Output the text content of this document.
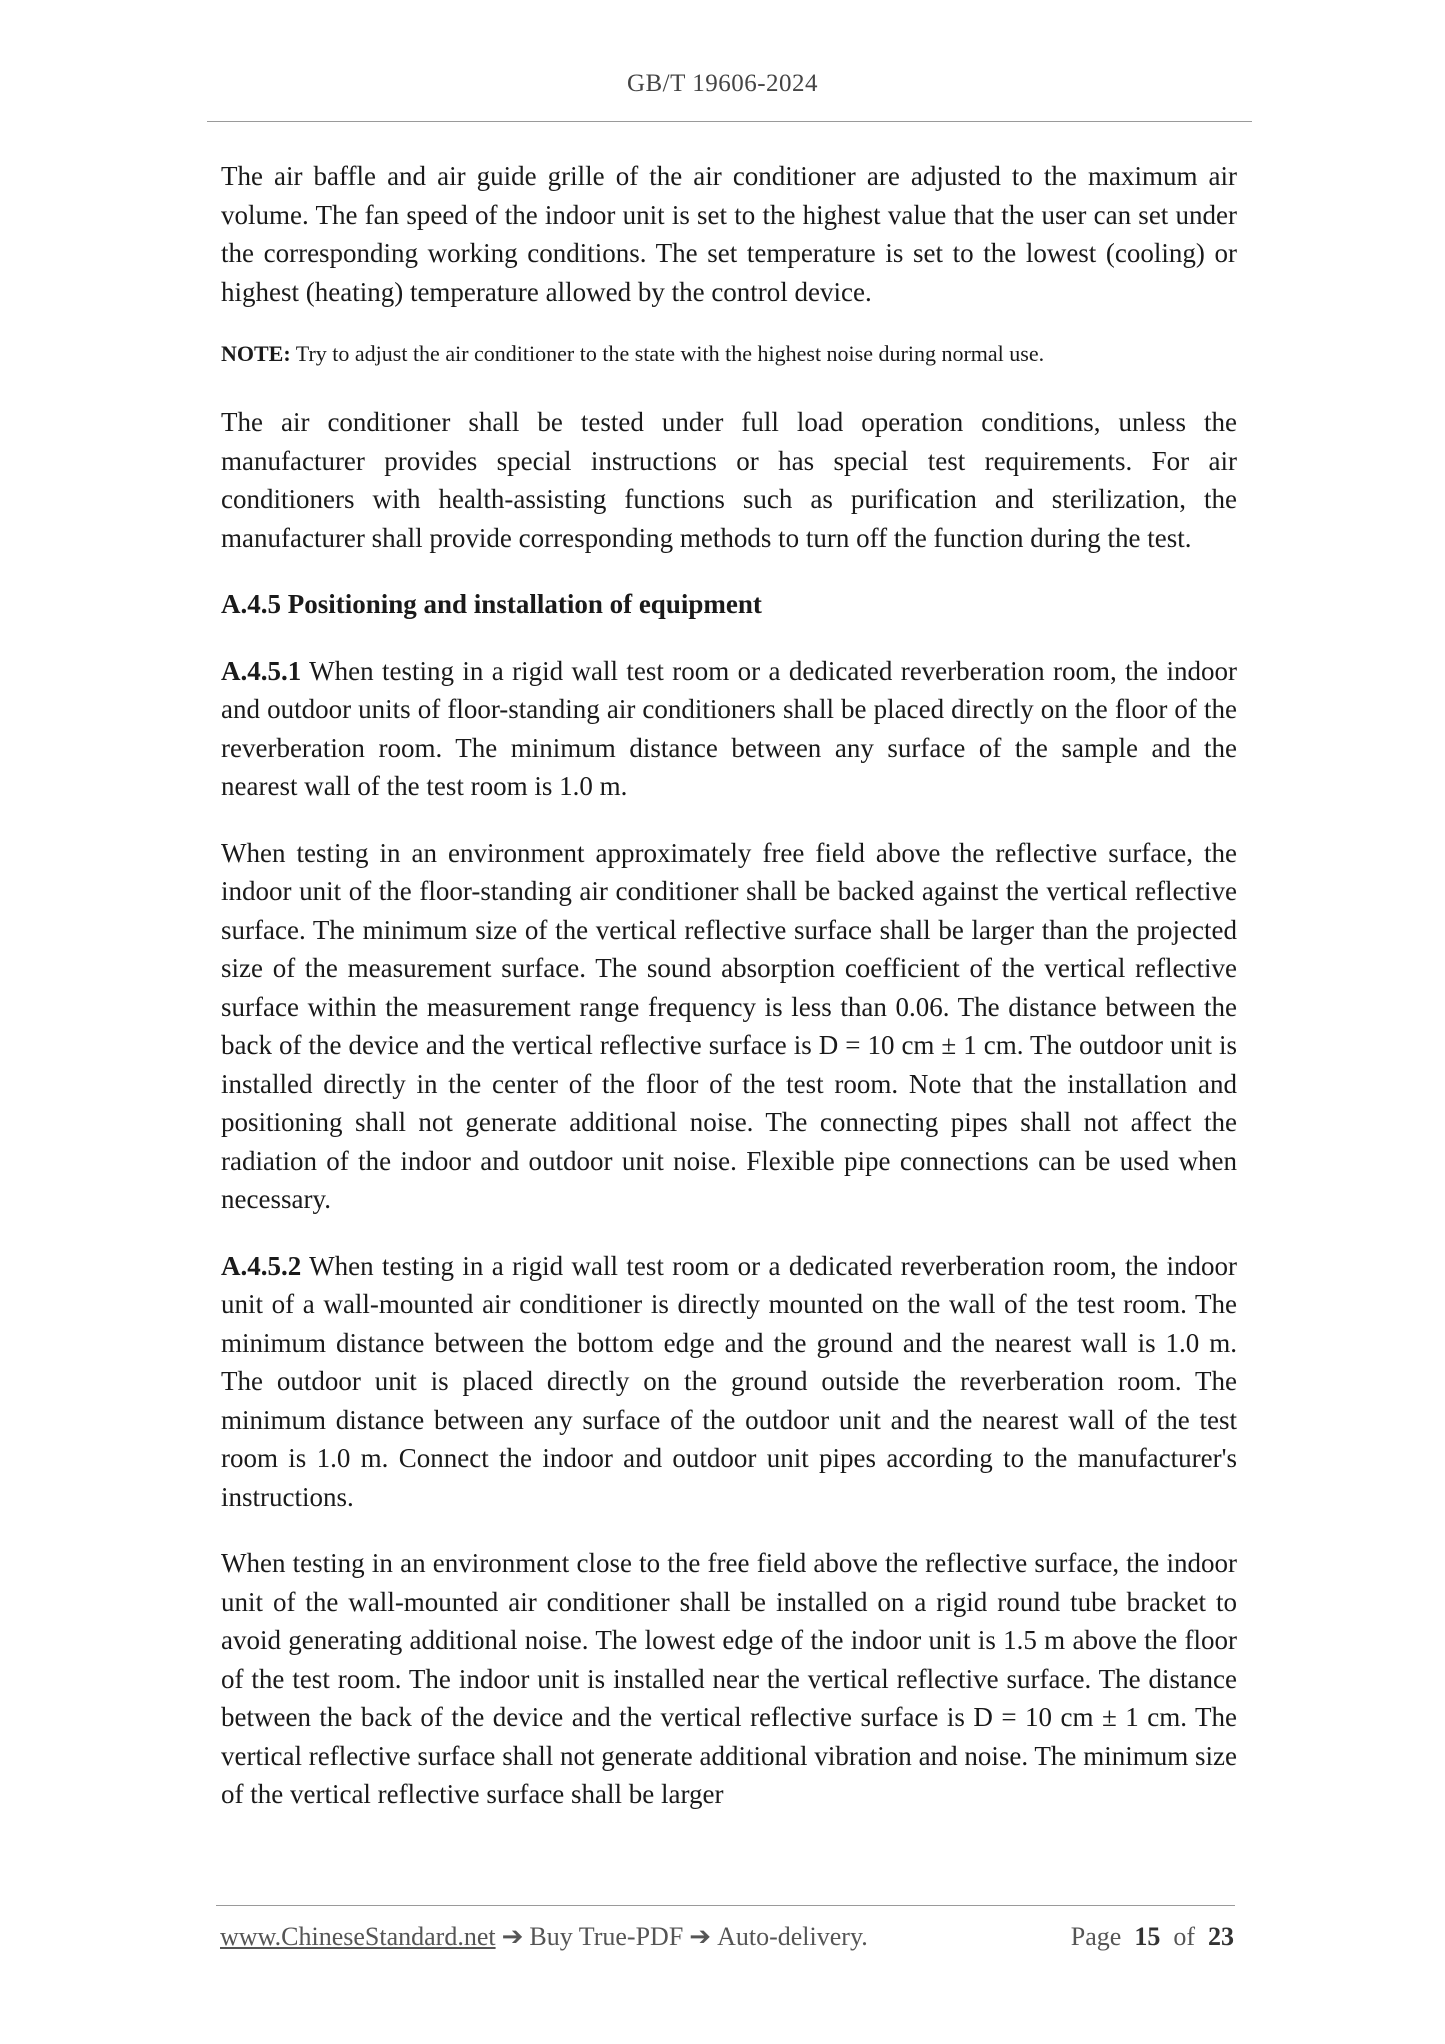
GB/T 19606-2024

The air baffle and air guide grille of the air conditioner are adjusted to the maximum air volume. The fan speed of the indoor unit is set to the highest value that the user can set under the corresponding working conditions. The set temperature is set to the lowest (cooling) or highest (heating) temperature allowed by the control device.

NOTE: Try to adjust the air conditioner to the state with the highest noise during normal use.

The air conditioner shall be tested under full load operation conditions, unless the manufacturer provides special instructions or has special test requirements. For air conditioners with health-assisting functions such as purification and sterilization, the manufacturer shall provide corresponding methods to turn off the function during the test.

A.4.5 Positioning and installation of equipment

A.4.5.1 When testing in a rigid wall test room or a dedicated reverberation room, the indoor and outdoor units of floor-standing air conditioners shall be placed directly on the floor of the reverberation room. The minimum distance between any surface of the sample and the nearest wall of the test room is 1.0 m.

When testing in an environment approximately free field above the reflective surface, the indoor unit of the floor-standing air conditioner shall be backed against the vertical reflective surface. The minimum size of the vertical reflective surface shall be larger than the projected size of the measurement surface. The sound absorption coefficient of the vertical reflective surface within the measurement range frequency is less than 0.06. The distance between the back of the device and the vertical reflective surface is D = 10 cm ± 1 cm. The outdoor unit is installed directly in the center of the floor of the test room. Note that the installation and positioning shall not generate additional noise. The connecting pipes shall not affect the radiation of the indoor and outdoor unit noise. Flexible pipe connections can be used when necessary.

A.4.5.2 When testing in a rigid wall test room or a dedicated reverberation room, the indoor unit of a wall-mounted air conditioner is directly mounted on the wall of the test room. The minimum distance between the bottom edge and the ground and the nearest wall is 1.0 m. The outdoor unit is placed directly on the ground outside the reverberation room. The minimum distance between any surface of the outdoor unit and the nearest wall of the test room is 1.0 m. Connect the indoor and outdoor unit pipes according to the manufacturer's instructions.

When testing in an environment close to the free field above the reflective surface, the indoor unit of the wall-mounted air conditioner shall be installed on a rigid round tube bracket to avoid generating additional noise. The lowest edge of the indoor unit is 1.5 m above the floor of the test room. The indoor unit is installed near the vertical reflective surface. The distance between the back of the device and the vertical reflective surface is D = 10 cm ± 1 cm. The vertical reflective surface shall not generate additional vibration and noise. The minimum size of the vertical reflective surface shall be larger

www.ChineseStandard.net ➔ Buy True-PDF ➔ Auto-delivery.	Page 15 of 23
